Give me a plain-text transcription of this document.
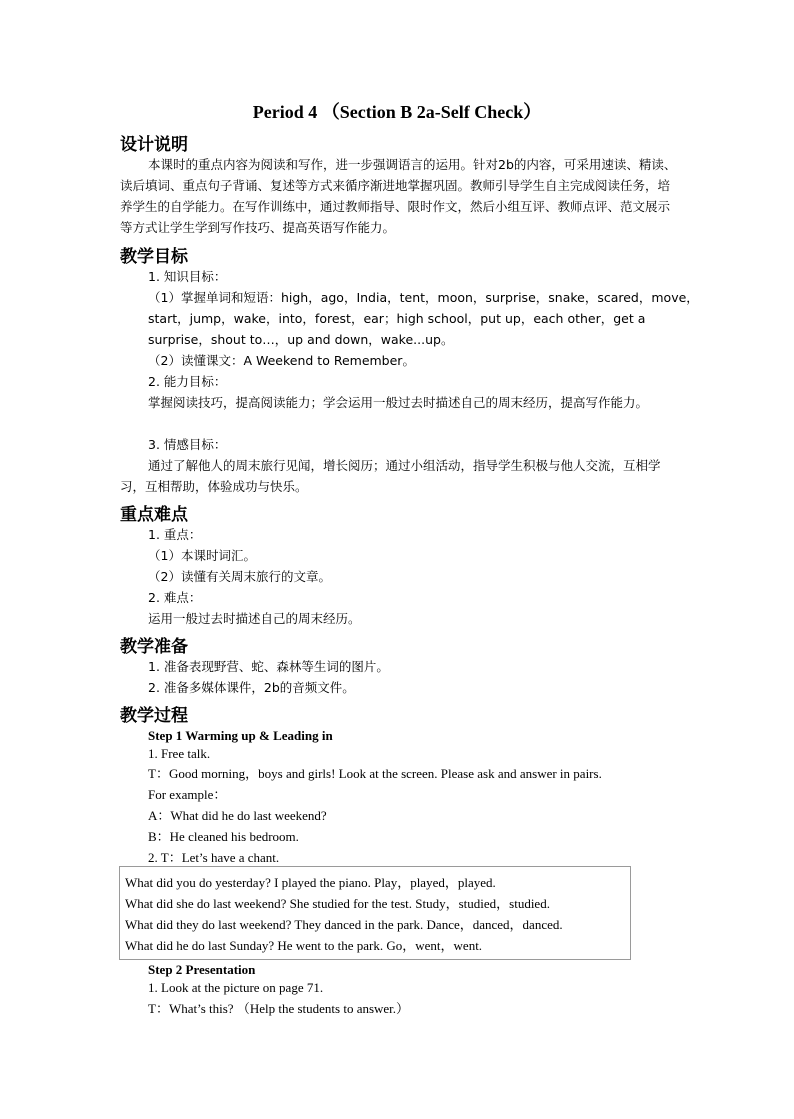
Period 4 （Section B 2a-Self Check）
设计说明
本课时的重点内容为阅读和写作，进一步强调语言的运用。针对2b的内容，可采用速读、精读、读后填词、重点句子背诵、复述等方式来循序渐进地掌握巩固。教师引导学生自主完成阅读任务，培养学生的自学能力。在写作训练中，通过教师指导、限时作文，然后小组互评、教师点评、范文展示等方式让学生学到写作技巧、提高英语写作能力。
教学目标
1. 知识目标：
（1）掌握单词和短语：high，ago，India，tent，moon，surprise，snake，scared，move，start，jump，wake，into，forest，ear；high school，put up，each other，get a surprise，shout to…，up and down，wake...up。
（2）读懂课文：A Weekend to Remember。
2. 能力目标：
掌握阅读技巧，提高阅读能力；学会运用一般过去时描述自己的周末经历，提高写作能力。
3. 情感目标：
通过了解他人的周末旅行见闻，增长阅历；通过小组活动，指导学生积极与他人交流，互相学习，互相帮助，体验成功与快乐。
重点难点
1. 重点：
（1）本课时词汇。
（2）读懂有关周末旅行的文章。
2. 难点：
运用一般过去时描述自己的周末经历。
教学准备
1. 准备表现野营、蛇、森林等生词的图片。
2. 准备多媒体课件，2b的音频文件。
教学过程
Step 1 Warming up & Leading in
1. Free talk.
T：Good morning，boys and girls! Look at the screen. Please ask and answer in pairs.
For example：
A：What did he do last weekend?
B：He cleaned his bedroom.
2. T：Let’s have a chant.
What did you do yesterday? I played the piano. Play，played，played.
What did she do last weekend? She studied for the test. Study，studied，studied.
What did they do last weekend? They danced in the park. Dance，danced，danced.
What did he do last Sunday? He went to the park. Go，went，went.
Step 2 Presentation
1. Look at the picture on page 71.
T：What’s this? （Help the students to answer.）
